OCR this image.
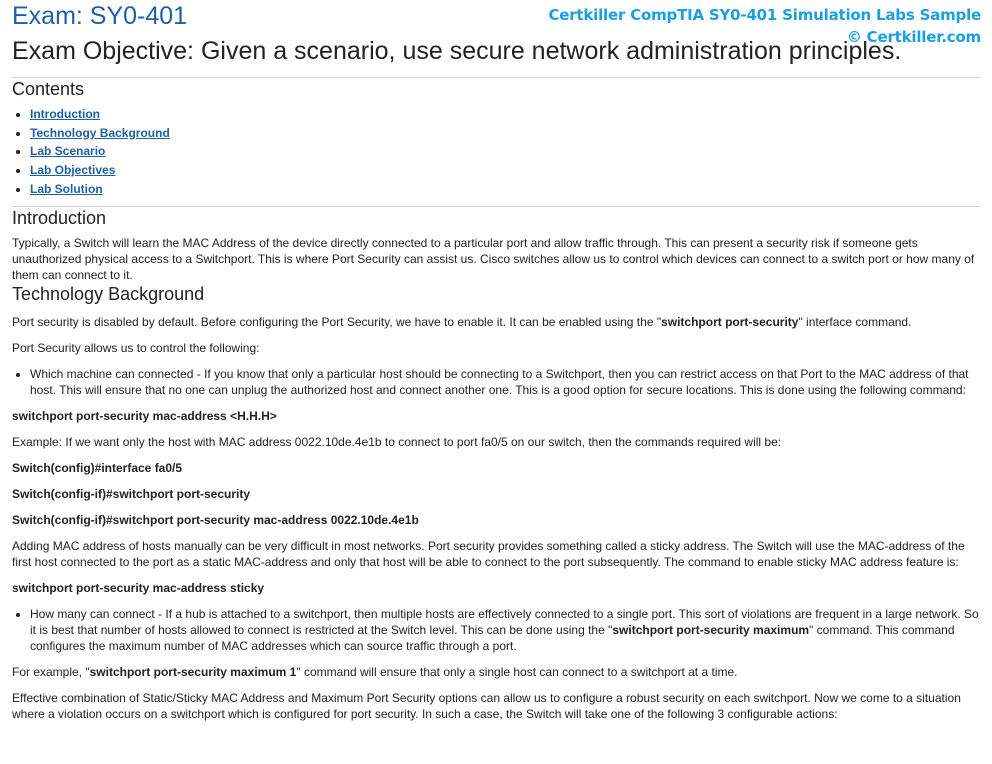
Certkiller CompTIA SY0-401 Simulation Labs Sample
© Certkiller.com
Exam: SY0-401
Exam Objective: Given a scenario, use secure network administration principles.
Contents
• Introduction
• Technology Background
• Lab Scenario
• Lab Objectives
• Lab Solution
Introduction

Typically, a Switch will learn the MAC Address of the device directly connected to a particular port and allow traffic through. This can present a security risk if someone gets unauthorized physical access to a Switchport. This is where Port Security can assist us. Cisco switches allow us to control which devices can connect to a switch port or how many of them can connect to it.

Technology Background

Port security is disabled by default. Before configuring the Port Security, we have to enable it. It can be enabled using the "switchport port-security" interface command.

Port Security allows us to control the following:

• Which machine can connected - If you know that only a particular host should be connecting to a Switchport, then you can restrict access on that Port to the MAC address of that host. This will ensure that no one can unplug the authorized host and connect another one. This is a good option for secure locations. This is done using the following command:
switchport port-security mac-address <H.H.H>

Example: If we want only the host with MAC address 0022.10de.4e1b to connect to port fa0/5 on our switch, then the commands required will be:

Switch(config)#interface fa0/5
Switch(config-if)#switchport port-security
Switch(config-if)#switchport port-security mac-address 0022.10de.4e1b

Adding MAC address of hosts manually can be very difficult in most networks. Port security provides something called a sticky address. The Switch will use the MAC-address of the first host connected to the port as a static MAC-address and only that host will be able to connect to the port subsequently. The command to enable sticky MAC address feature is:

switchport port-security mac-address sticky
• How many can connect - If a hub is attached to a switchport, then multiple hosts are effectively connected to a single port. This sort of violations are frequent in a large network. So it is best that number of hosts allowed to connect is restricted at the Switch level. This can be done using the "switchport port-security maximum" command. This command configures the maximum number of MAC addresses which can source traffic through a port.

For example, "switchport port-security maximum 1" command will ensure that only a single host can connect to a switchport at a time.

Effective combination of Static/Sticky MAC Address and Maximum Port Security options can allow us to configure a robust security on each switchport. Now we come to a situation where a violation occurs on a switchport which is configured for port security. In such a case, the Switch will take one of the following 3 configurable actions:
